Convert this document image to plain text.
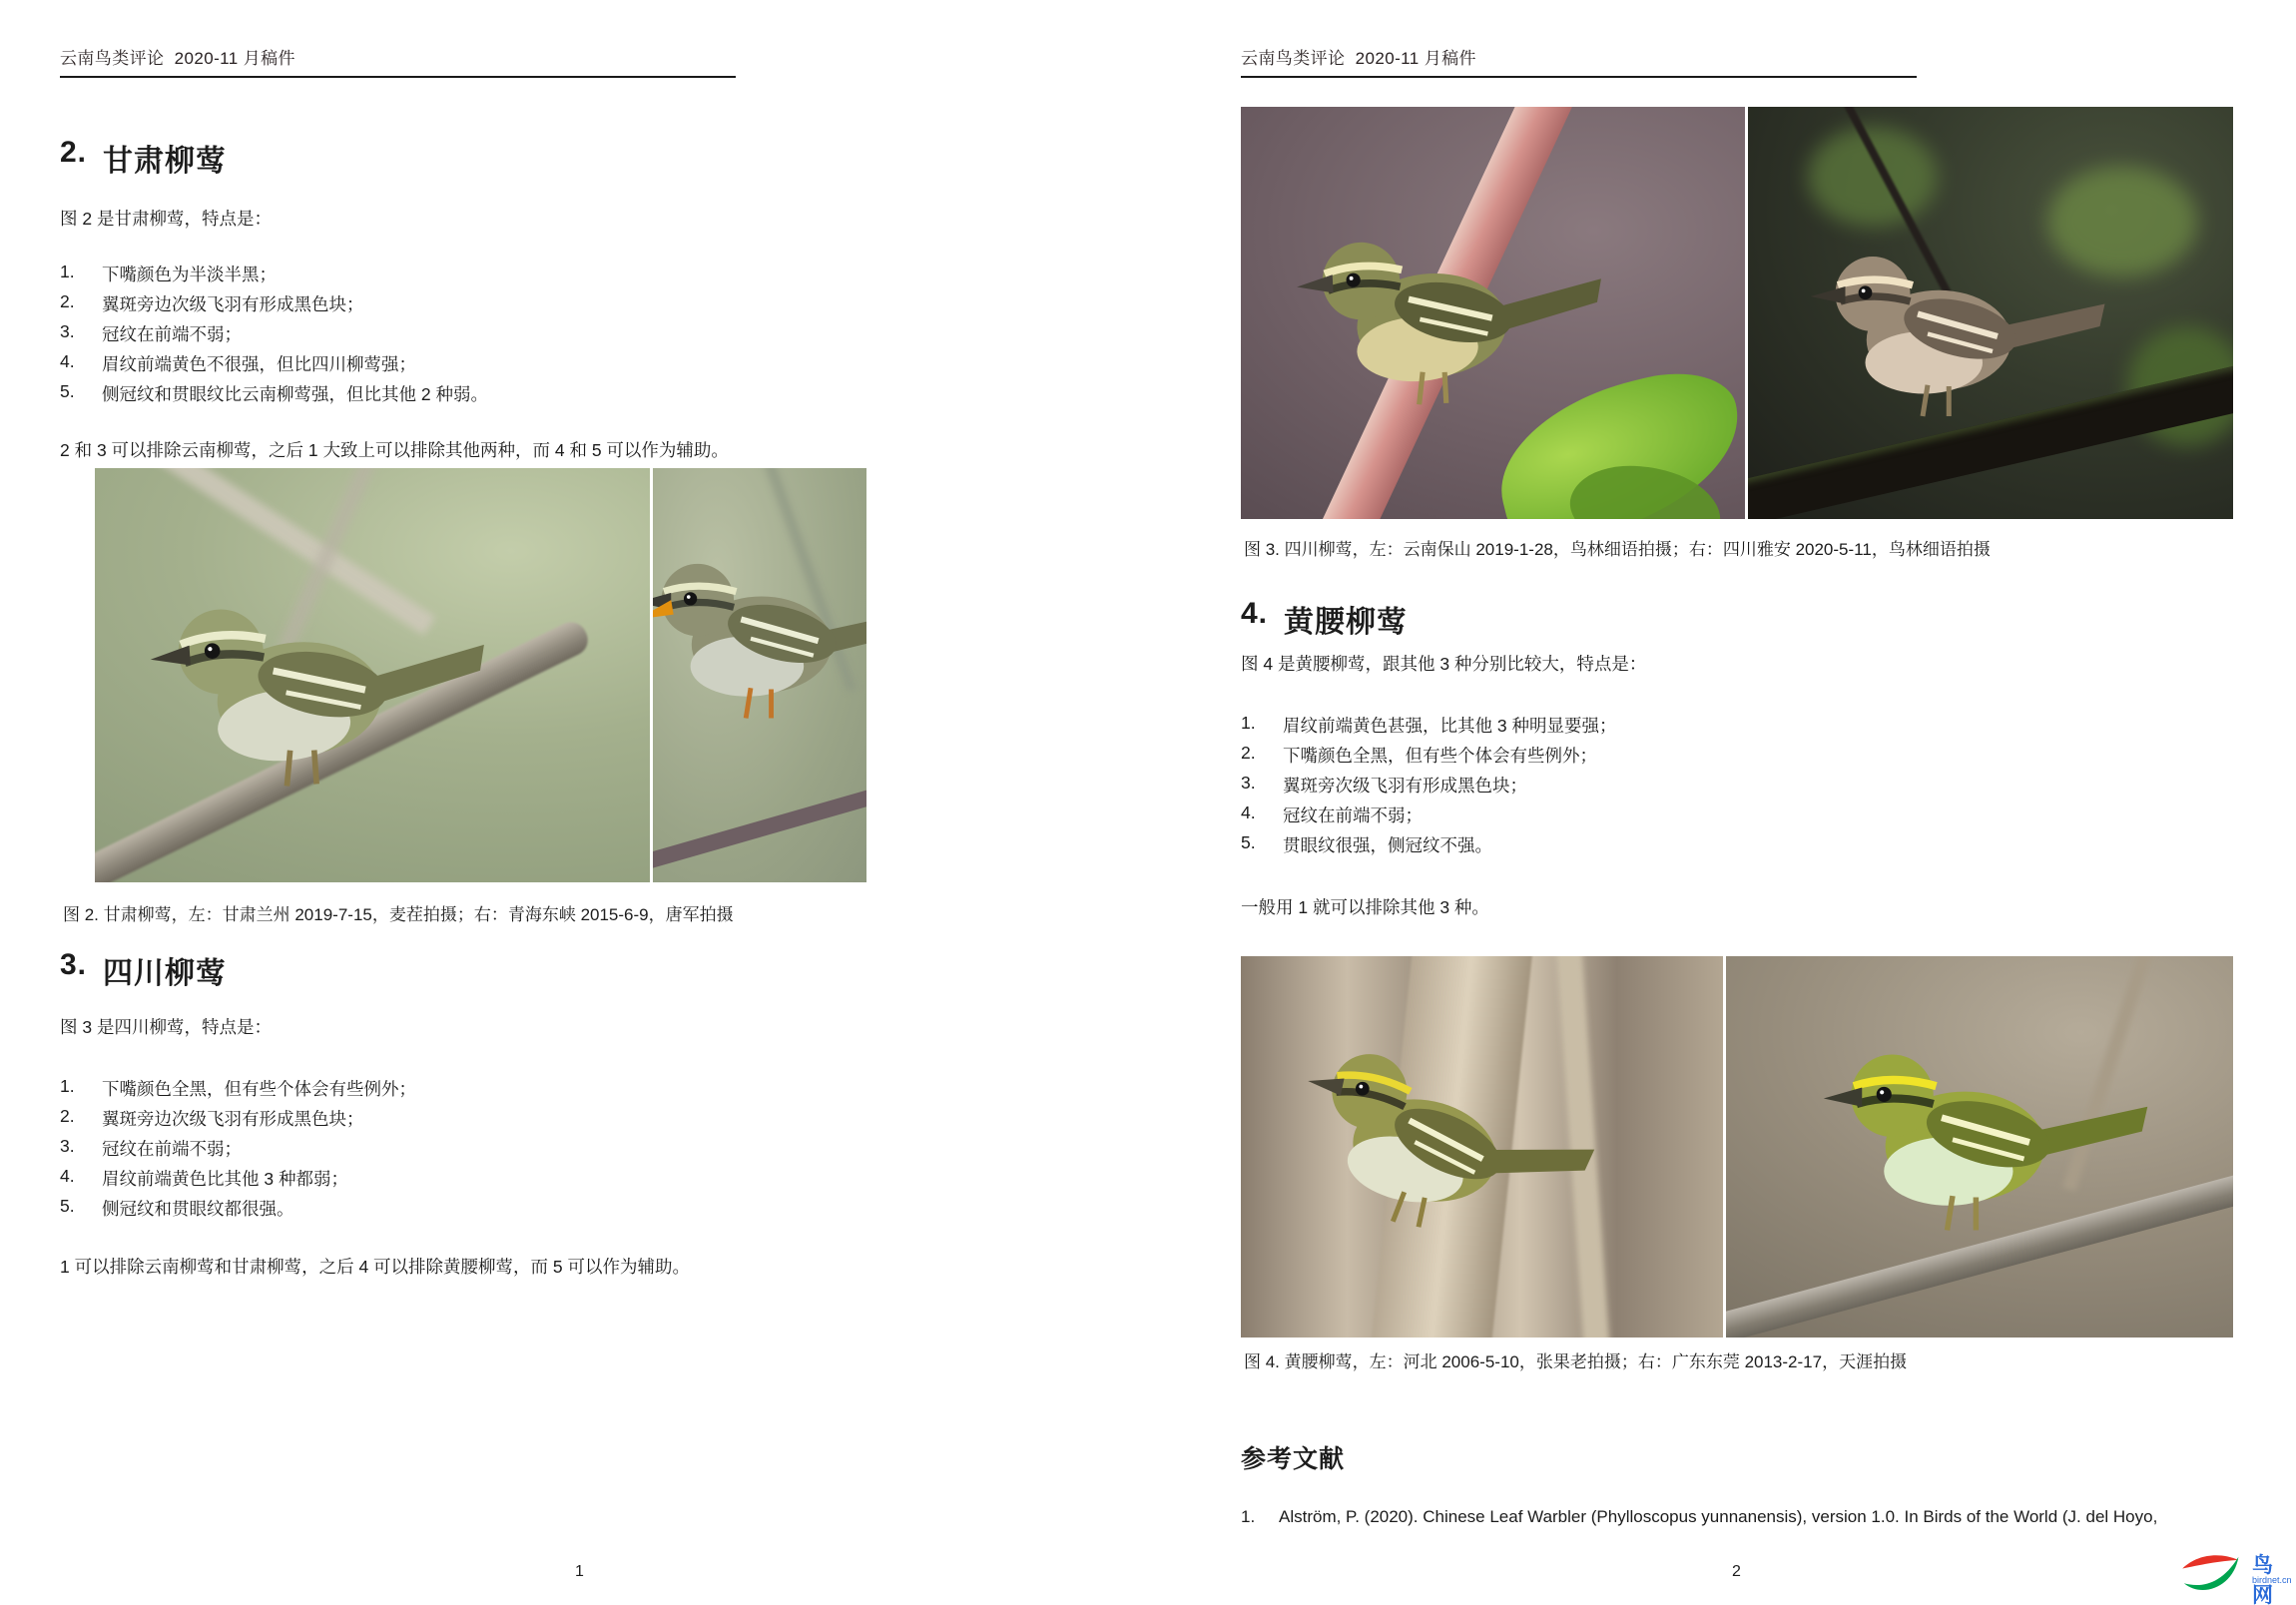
云南鸟类评论  2020-11 月稿件
2. 甘肃柳莺
图 2 是甘肃柳莺，特点是：
1.	下嘴颜色为半淡半黑；
2.	翼斑旁边次级飞羽有形成黑色块；
3.	冠纹在前端不弱；
4.	眉纹前端黄色不很强，但比四川柳莺强；
5.	侧冠纹和贯眼纹比云南柳莺强，但比其他 2 种弱。
2 和 3 可以排除云南柳莺，之后 1 大致上可以排除其他两种，而 4 和 5 可以作为辅助。
图 2. 甘肃柳莺，左：甘肃兰州 2019-7-15，麦茬拍摄；右：青海东峡 2015-6-9，唐军拍摄
3. 四川柳莺
图 3 是四川柳莺，特点是：
1.	下嘴颜色全黑，但有些个体会有些例外；
2.	翼斑旁边次级飞羽有形成黑色块；
3.	冠纹在前端不弱；
4.	眉纹前端黄色比其他 3 种都弱；
5.	侧冠纹和贯眼纹都很强。
1 可以排除云南柳莺和甘肃柳莺，之后 4 可以排除黄腰柳莺，而 5 可以作为辅助。
1
云南鸟类评论  2020-11 月稿件
图 3. 四川柳莺，左：云南保山 2019-1-28，鸟林细语拍摄；右：四川雅安 2020-5-11，鸟林细语拍摄
4. 黄腰柳莺
图 4 是黄腰柳莺，跟其他 3 种分别比较大，特点是：
1.	眉纹前端黄色甚强，比其他 3 种明显要强；
2.	下嘴颜色全黑，但有些个体会有些例外；
3.	翼斑旁次级飞羽有形成黑色块；
4.	冠纹在前端不弱；
5.	贯眼纹很强，侧冠纹不强。
一般用 1 就可以排除其他 3 种。
图 4. 黄腰柳莺，左：河北 2006-5-10，张果老拍摄；右：广东东莞 2013-2-17，天涯拍摄
参考文献
1.	Alström, P. (2020). Chinese Leaf Warbler (Phylloscopus yunnanensis), version 1.0. In Birds of the World (J. del Hoyo,
2	鸟网
birdnet.cn
